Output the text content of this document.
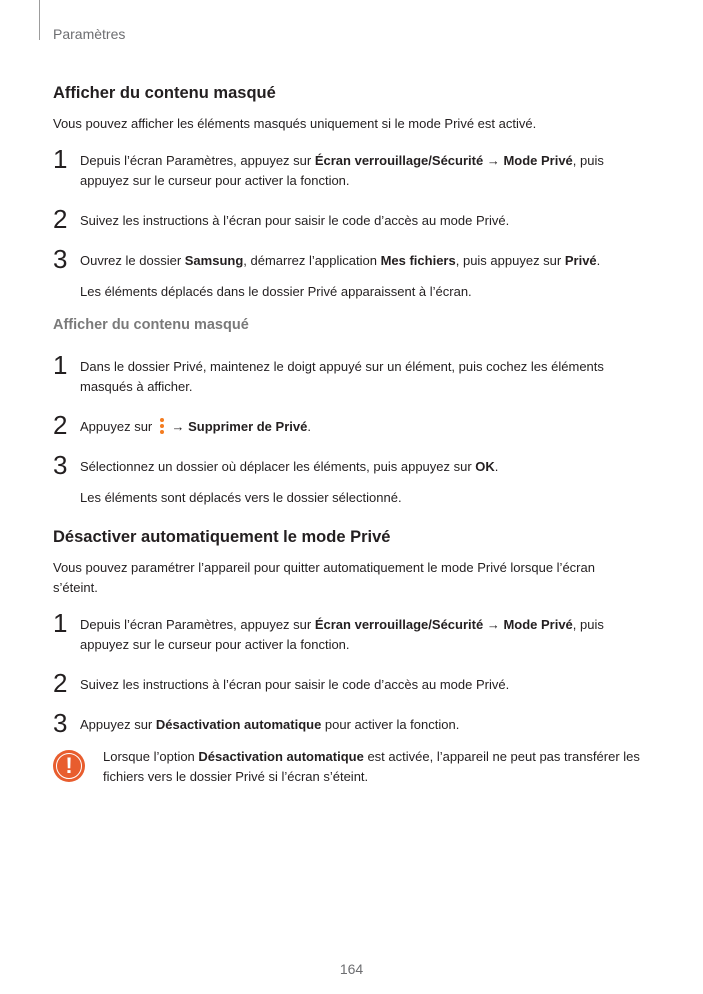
Paramètres
Afficher du contenu masqué
Vous pouvez afficher les éléments masqués uniquement si le mode Privé est activé.
1 Depuis l’écran Paramètres, appuyez sur Écran verrouillage/Sécurité → Mode Privé, puis appuyez sur le curseur pour activer la fonction.
2 Suivez les instructions à l’écran pour saisir le code d’accès au mode Privé.
3 Ouvrez le dossier Samsung, démarrez l’application Mes fichiers, puis appuyez sur Privé.
Les éléments déplacés dans le dossier Privé apparaissent à l’écran.
Afficher du contenu masqué
1 Dans le dossier Privé, maintenez le doigt appuyé sur un élément, puis cochez les éléments masqués à afficher.
2 Appuyez sur
→ Supprimer de Privé.
3 Sélectionnez un dossier où déplacer les éléments, puis appuyez sur OK.
Les éléments sont déplacés vers le dossier sélectionné.
Désactiver automatiquement le mode Privé
Vous pouvez paramétrer l’appareil pour quitter automatiquement le mode Privé lorsque l’écran s’éteint.
1 Depuis l’écran Paramètres, appuyez sur Écran verrouillage/Sécurité → Mode Privé, puis appuyez sur le curseur pour activer la fonction.
2 Suivez les instructions à l’écran pour saisir le code d’accès au mode Privé.
3 Appuyez sur Désactivation automatique pour activer la fonction.
!	Lorsque l’option Désactivation automatique est activée, l’appareil ne peut pas transférer les fichiers vers le dossier Privé si l’écran s’éteint.
164
